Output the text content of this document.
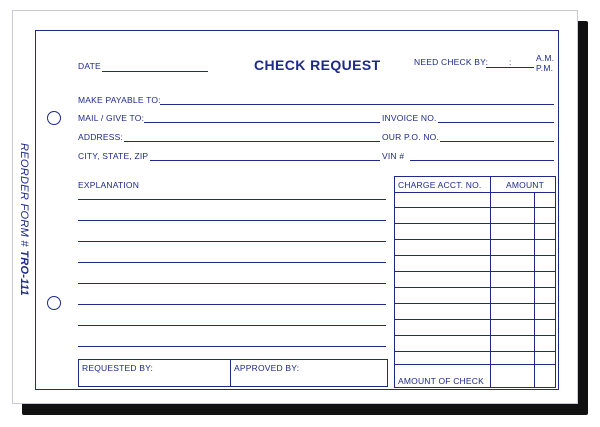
REORDER FORM # TRO-111
DATE	CHECK REQUEST	NEED CHECK BY: :	A.M.
P.M.
MAKE PAYABLE TO:
MAIL / GIVE TO:	INVOICE NO.
ADDRESS:	OUR P.O. NO.
CITY, STATE, ZIP	VIN #
EXPLANATION
REQUESTED BY:	APPROVED BY:
CHARGE ACCT. NO.	AMOUNT
AMOUNT OF CHECK
